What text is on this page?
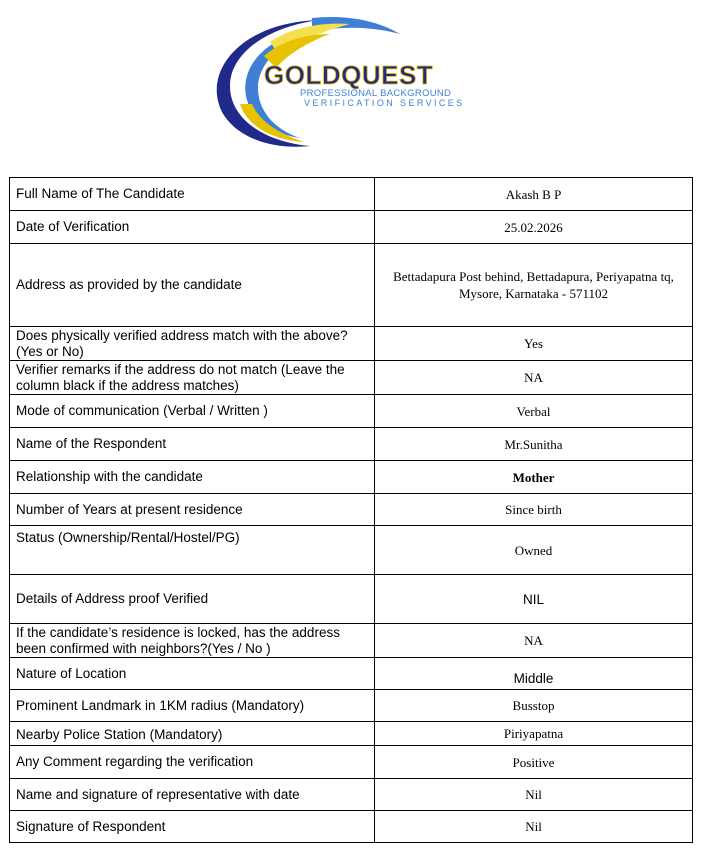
GOLDQUEST
PROFESSIONAL BACKGROUND
VERIFICATION SERVICES
Full Name of The Candidate	Akash B P
Date of Verification	25.02.2026
Address as provided by the candidate	Bettadapura Post behind, Bettadapura, Periyapatna tq,
Mysore, Karnataka - 571102

Does physically verified address match with the above? (Yes or No)	Yes
Verifier remarks if the address do not match (Leave the column black if the address matches)	NA
Mode of communication (Verbal / Written )	Verbal
Name of the Respondent	Mr.Sunitha
Relationship with the candidate	Mother
Number of Years at present residence	Since birth
Status (Ownership/Rental/Hostel/PG)	Owned
Details of Address proof Verified	NIL
If the candidate’s residence is locked, has the address been confirmed with neighbors?(Yes / No )	NA
Nature of Location	Middle
Prominent Landmark in 1KM radius (Mandatory)	Busstop
Nearby Police Station (Mandatory)	Piriyapatna
Any Comment regarding the verification	Positive
Name and signature of representative with date	Nil
Signature of Respondent	Nil
